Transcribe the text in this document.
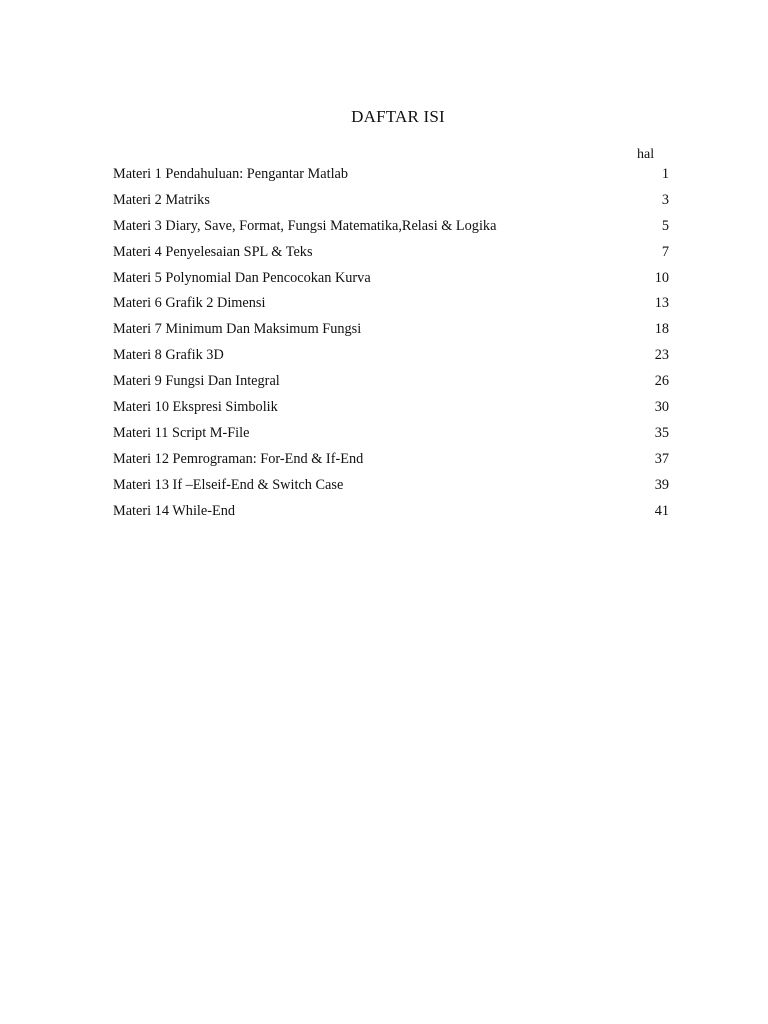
DAFTAR ISI
hal
Materi 1 Pendahuluan: Pengantar Matlab	1
Materi 2 Matriks	3
Materi 3 Diary, Save, Format, Fungsi Matematika,Relasi & Logika	5
Materi 4 Penyelesaian SPL & Teks	7
Materi 5 Polynomial Dan Pencocokan Kurva	10
Materi 6 Grafik 2 Dimensi	13
Materi 7 Minimum Dan Maksimum Fungsi	18
Materi 8 Grafik 3D	23
Materi 9 Fungsi Dan Integral	26
Materi 10 Ekspresi Simbolik	30
Materi 11 Script M-File	35
Materi 12 Pemrograman: For-End & If-End	37
Materi 13 If –Elseif-End & Switch Case	39
Materi 14 While-End	41
